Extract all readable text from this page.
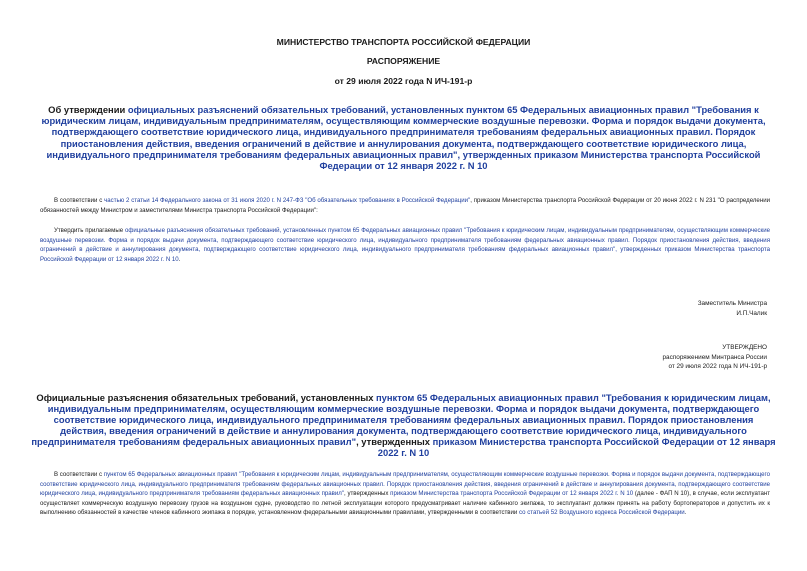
МИНИСТЕРСТВО ТРАНСПОРТА РОССИЙСКОЙ ФЕДЕРАЦИИ
РАСПОРЯЖЕНИЕ
от 29 июля 2022 года N ИЧ-191-р
Об утверждении официальных разъяснений обязательных требований, установленных пунктом 65 Федеральных авиационных правил "Требования к юридическим лицам, индивидуальным предпринимателям, осуществляющим коммерческие воздушные перевозки. Форма и порядок выдачи документа, подтверждающего соответствие юридического лица, индивидуального предпринимателя требованиям федеральных авиационных правил. Порядок приостановления действия, введения ограничений в действие и аннулирования документа, подтверждающего соответствие юридического лица, индивидуального предпринимателя требованиям федеральных авиационных правил", утвержденных приказом Министерства транспорта Российской Федерации от 12 января 2022 г. N 10
В соответствии с частью 2 статьи 14 Федерального закона от 31 июля 2020 г. N 247-ФЗ "Об обязательных требованиях в Российской Федерации", приказом Министерства транспорта Российской Федерации от 20 июня 2022 г. N 231 "О распределении обязанностей между Министром и заместителями Министра транспорта Российской Федерации":
Утвердить прилагаемые официальные разъяснения обязательных требований, установленных пунктом 65 Федеральных авиационных правил "Требования к юридическим лицам, индивидуальным предпринимателям, осуществляющим коммерческие воздушные перевозки. Форма и порядок выдачи документа, подтверждающего соответствие юридического лица, индивидуального предпринимателя требованиям федеральных авиационных правил. Порядок приостановления действия, введения ограничений в действие и аннулирования документа, подтверждающего соответствие юридического лица, индивидуального предпринимателя требованиям федеральных авиационных правил", утвержденных приказом Министерства транспорта Российской Федерации от 12 января 2022 г. N 10.
Заместитель Министра
И.П.Чалик
УТВЕРЖДЕНО
распоряжением Минтранса России
от 29 июля 2022 года N ИЧ-191-р
Официальные разъяснения обязательных требований, установленных пунктом 65 Федеральных авиационных правил "Требования к юридическим лицам, индивидуальным предпринимателям, осуществляющим коммерческие воздушные перевозки. Форма и порядок выдачи документа, подтверждающего соответствие юридического лица, индивидуального предпринимателя требованиям федеральных авиационных правил. Порядок приостановления действия, введения ограничений в действие и аннулирования документа, подтверждающего соответствие юридического лица, индивидуального предпринимателя требованиям федеральных авиационных правил", утвержденных приказом Министерства транспорта Российской Федерации от 12 января 2022 г. N 10
В соответствии с пунктом 65 Федеральных авиационных правил "Требования к юридическим лицам, индивидуальным предпринимателям, осуществляющим коммерческие воздушные перевозки. Форма и порядок выдачи документа, подтверждающего соответствие юридического лица, индивидуального предпринимателя требованиям федеральных авиационных правил. Порядок приостановления действия, введения ограничений в действие и аннулирования документа, подтверждающего соответствие юридического лица, индивидуального предпринимателя требованиям федеральных авиационных правил", утвержденных приказом Министерства транспорта Российской Федерации от 12 января 2022 г. N 10 (далее - ФАП N 10), в случае, если эксплуатант осуществляет коммерческую воздушную перевозку грузов на воздушном судне, руководство по летной эксплуатации которого предусматривает наличие кабинного экипажа, то эксплуатант должен принять на работу бортоператоров и допустить их к выполнению обязанностей в качестве членов кабинного экипажа в порядке, установленном федеральными авиационными правилами, утвержденными в соответствии со статьей 52 Воздушного кодекса Российской Федерации.
